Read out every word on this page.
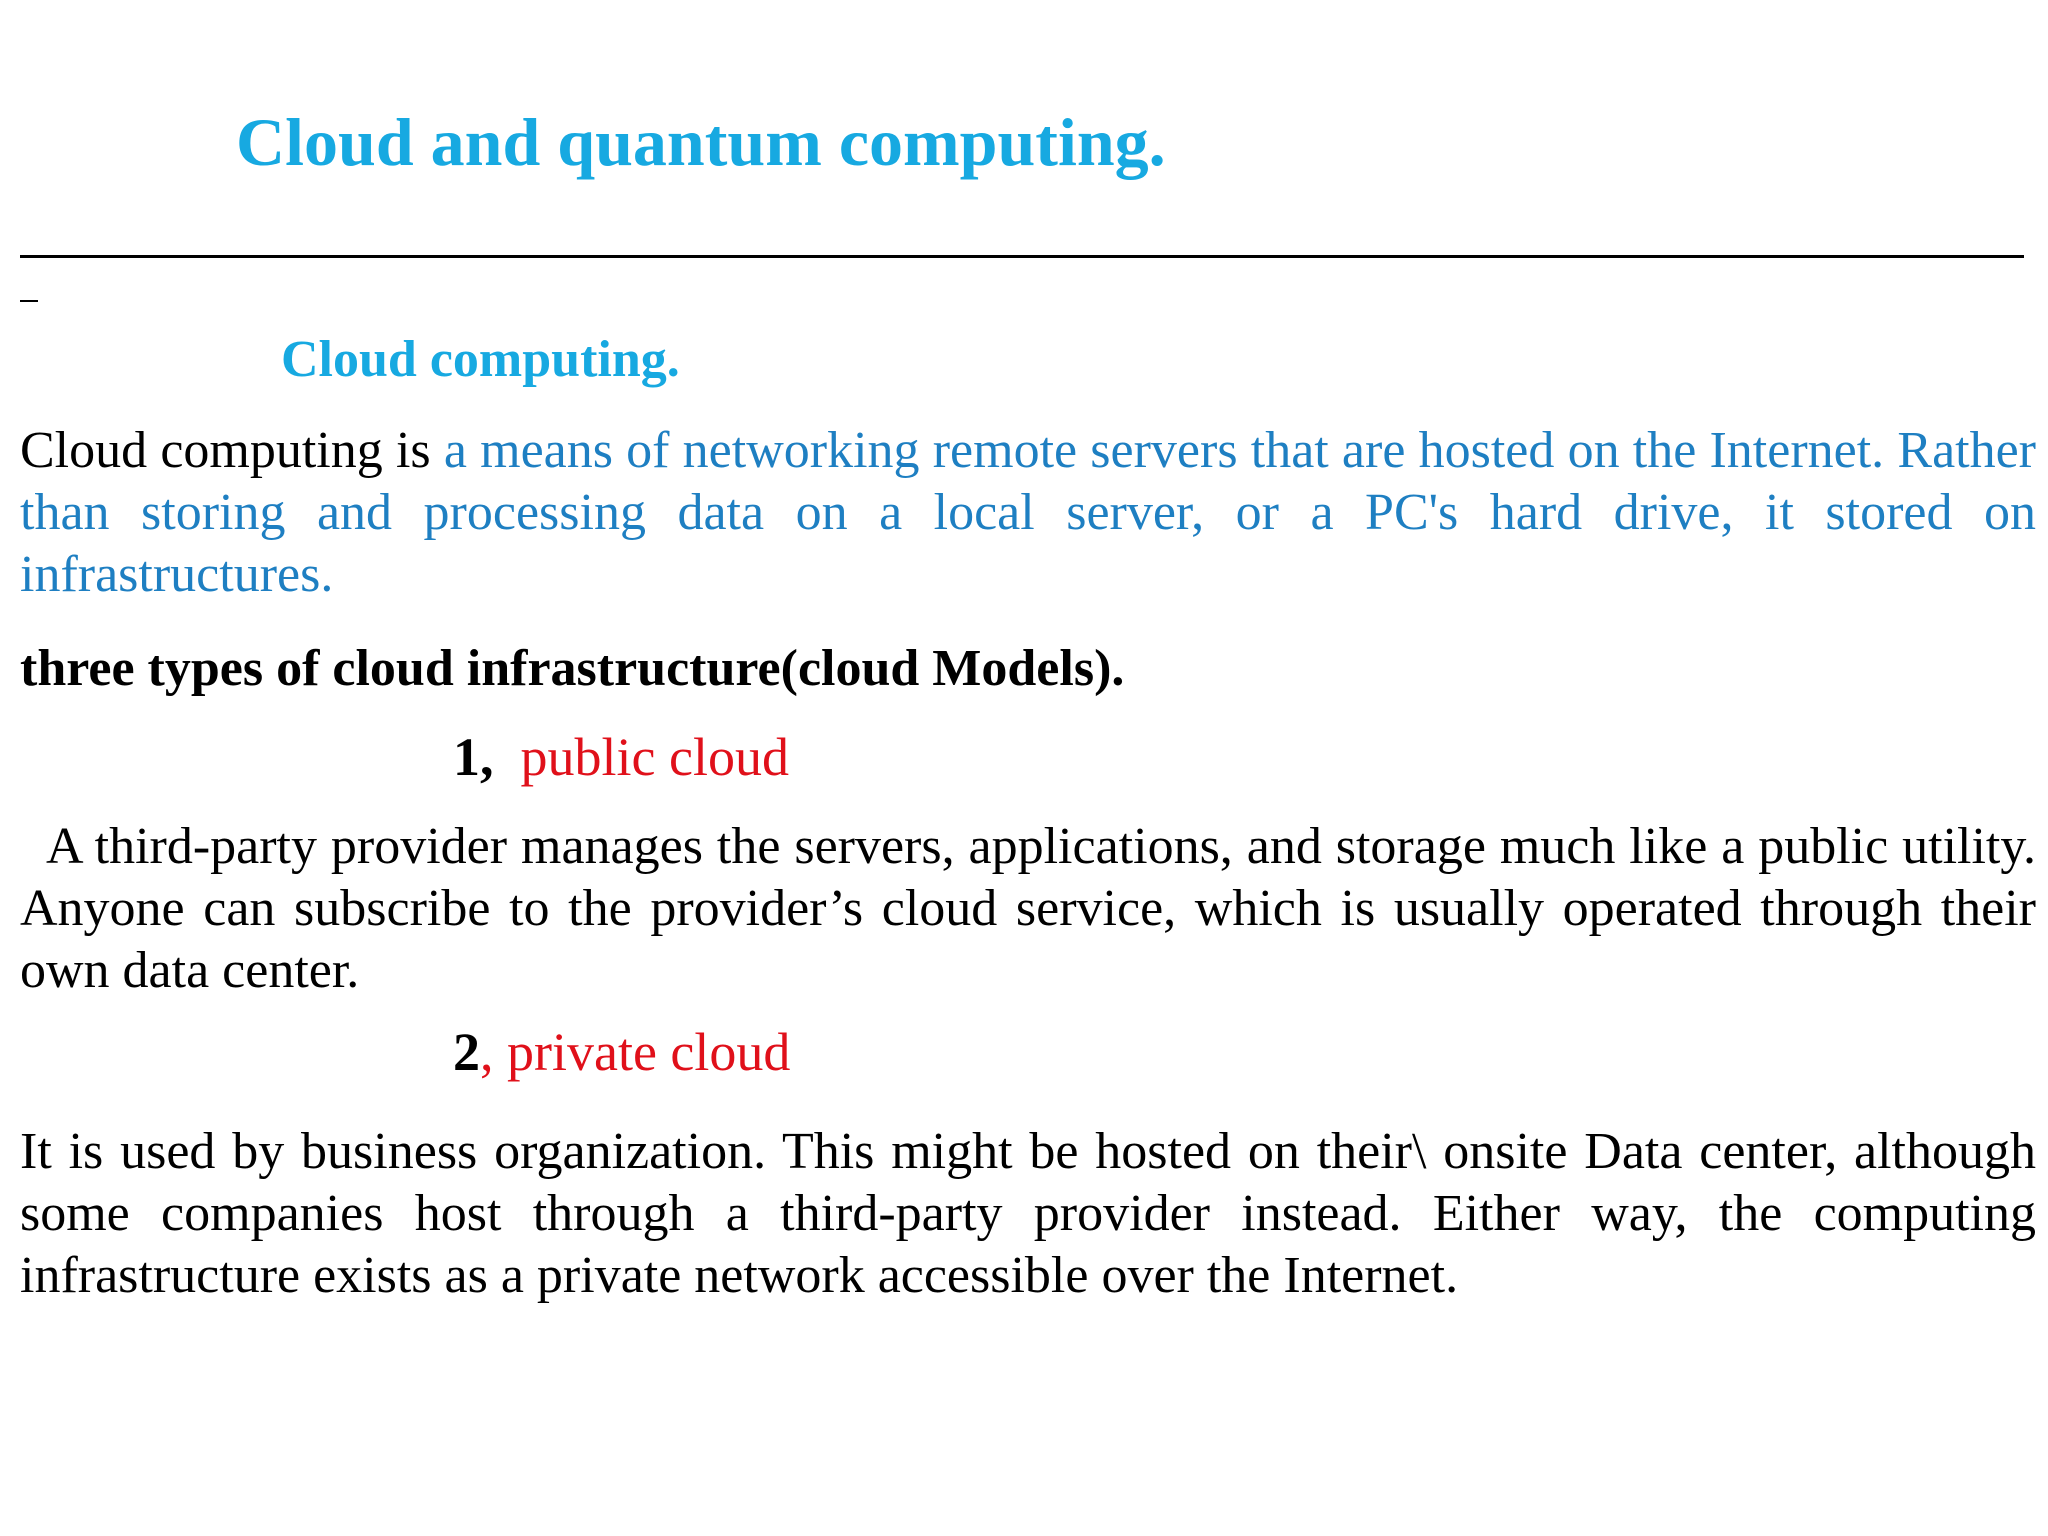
Cloud and quantum computing.
Cloud computing.

Cloud computing is a means of networking remote servers that are hosted on the Internet. Rather than storing and processing data on a local server, or a PC's hard drive, it stored on infrastructures.

three types of cloud infrastructure(cloud Models).

1, public cloud

A third-party provider manages the servers, applications, and storage much like a public utility. Anyone can subscribe to the provider’s cloud service, which is usually operated through their own data center.

2, private cloud

It is used by business organization. This might be hosted on their\ onsite Data center, although some companies host through a third-party provider instead. Either way, the computing infrastructure exists as a private network accessible over the Internet.
